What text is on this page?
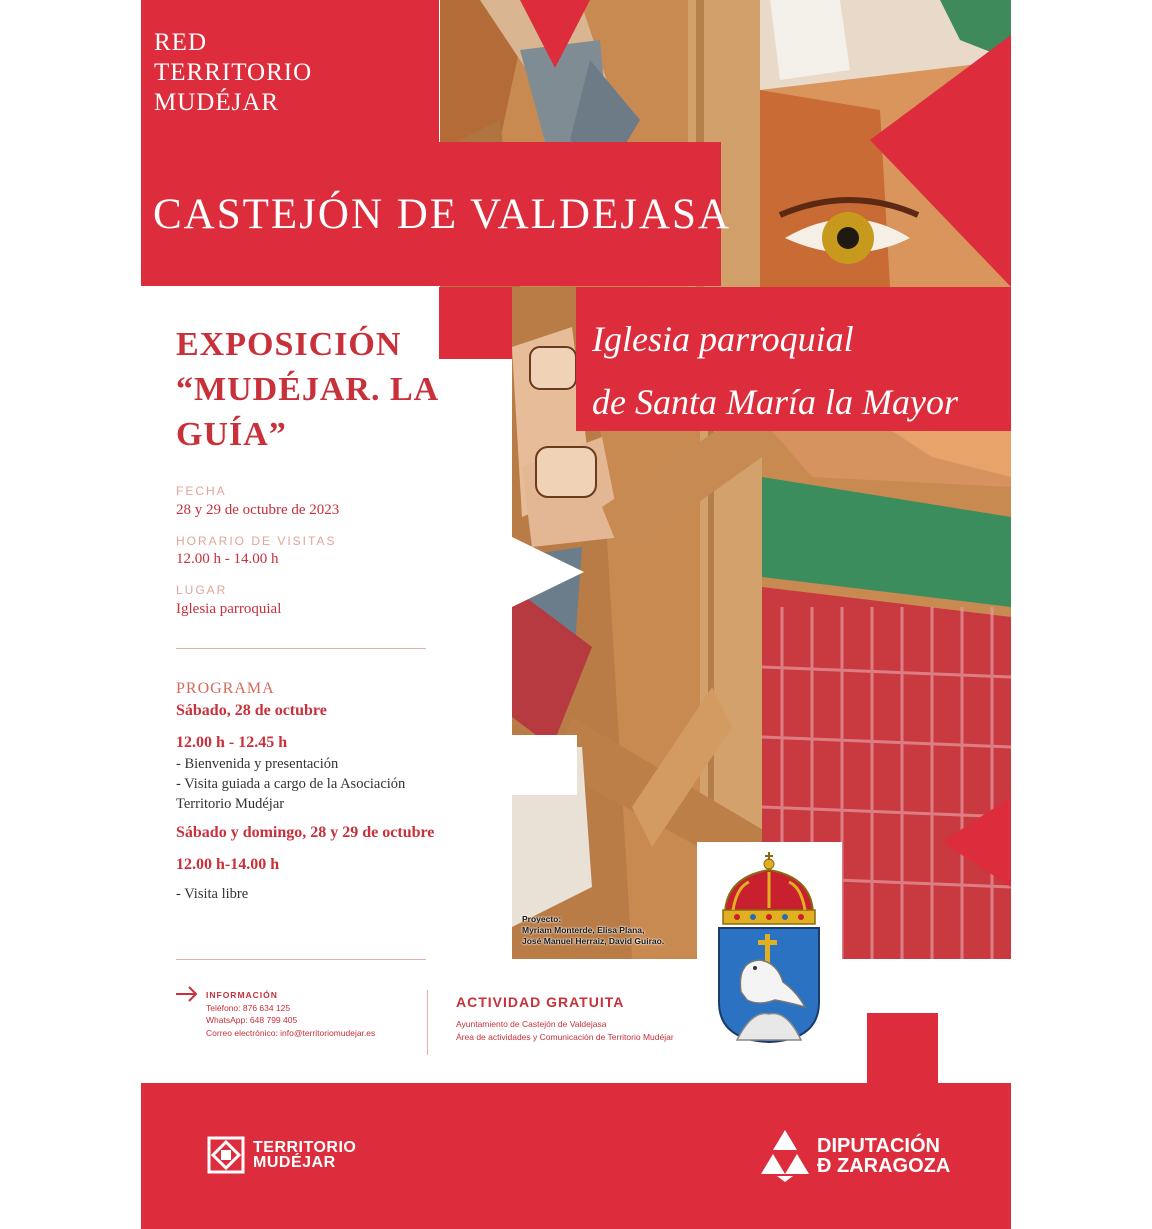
RED
TERRITORIO
MUDÉJAR
CASTEJÓN DE VALDEJASA
Iglesia parroquial
de Santa María la Mayor
EXPOSICIÓN
“MUDÉJAR. LA
GUÍA”
FECHA
28 y 29 de octubre de 2023
HORARIO DE VISITAS
12.00 h - 14.00 h
LUGAR
Iglesia parroquial
PROGRAMA
Sábado, 28 de octubre
12.00 h - 12.45 h
- Bienvenida y presentación
- Visita guiada a cargo de la Asociación
Territorio Mudéjar
Sábado y domingo, 28 y 29 de octubre
12.00 h-14.00 h
- Visita libre
Proyecto:
Myriam Monterde, Elisa Plana,
José Manuel Herraiz, David Guirao.
INFORMACIÓN
Teléfono: 876 634 125
WhatsApp: 648 799 405
Correo electrónico: info@territoriomudejar.es
ACTIVIDAD GRATUITA
Ayuntamiento de Castejón de Valdejasa
Área de actividades y Comunicación de Territorio Mudéjar
TERRITORIO
MUDÉJAR
DIPUTACIÓN
Ð ZARAGOZA
